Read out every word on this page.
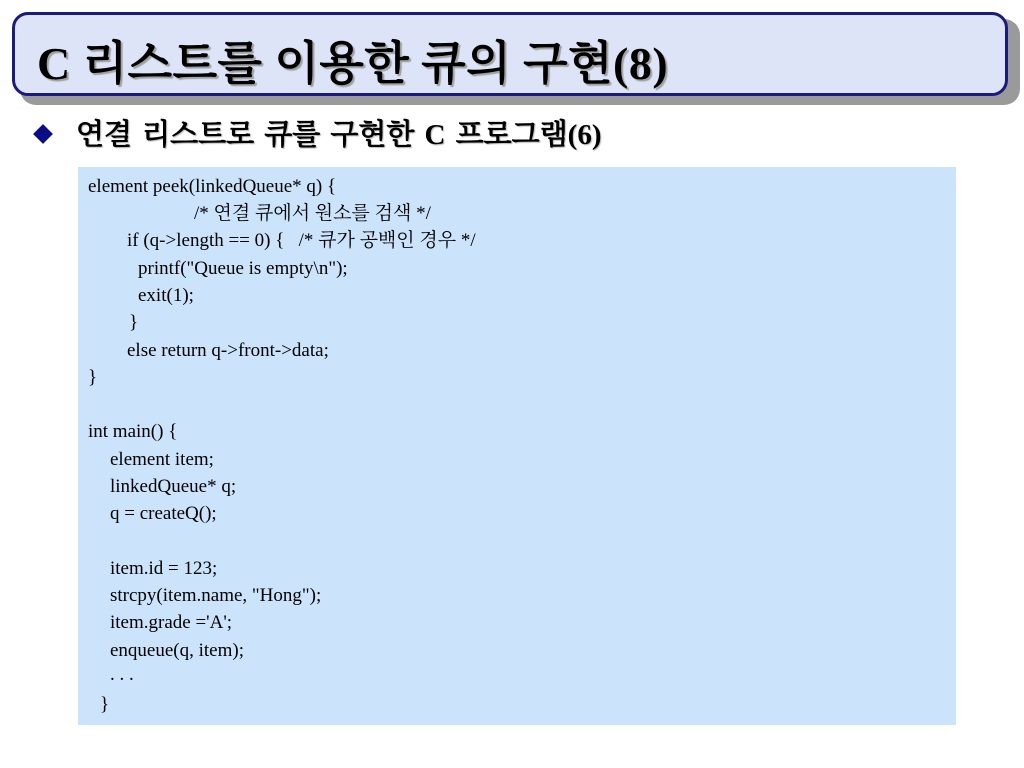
C 리스트를 이용한 큐의 구현(8)
연결 리스트로 큐를 구현한 C 프로그램(6)
element peek(linkedQueue* q) {
/* 연결 큐에서 원소를 검색 */
if (q->length == 0) {   /* 큐가 공백인 경우 */
printf("Queue is empty\n");
exit(1);
}
else return q->front->data;
}
int main() {
element item;
linkedQueue* q;
q = createQ();
item.id = 123;
strcpy(item.name, "Hong");
item.grade ='A';
enqueue(q, item);
. . .
}
